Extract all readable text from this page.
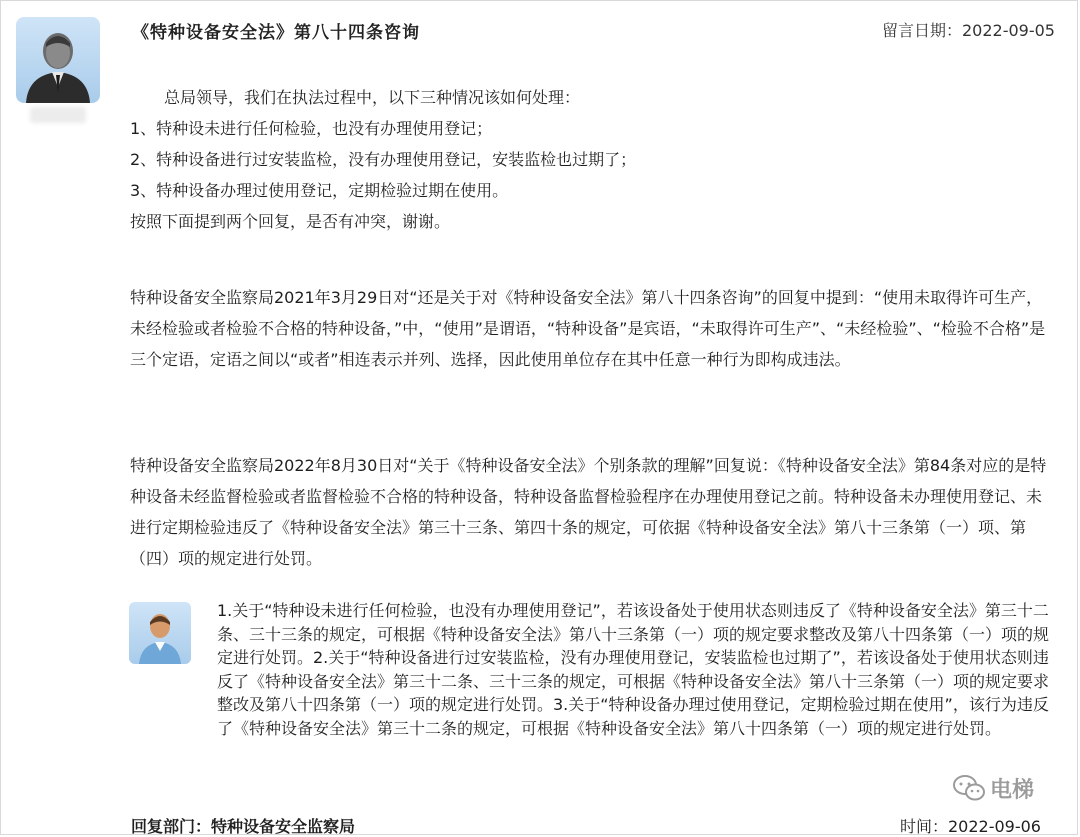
《特种设备安全法》第八十四条咨询	留言日期：2022-09-05
总局领导，我们在执法过程中，以下三种情况该如何处理：
1、特种设未进行任何检验，也没有办理使用登记；
2、特种设备进行过安装监检，没有办理使用登记，安装监检也过期了；
3、特种设备办理过使用登记，定期检验过期在使用。
按照下面提到两个回复，是否有冲突，谢谢。
特种设备安全监察局2021年3月29日对“还是关于对《特种设备安全法》第八十四条咨询”的回复中提到：“使用未取得许可生产，未经检验或者检验不合格的特种设备，”中，“使用”是谓语，“特种设备”是宾语，“未取得许可生产”、“未经检验”、“检验不合格”是三个定语，定语之间以“或者”相连表示并列、选择，因此使用单位存在其中任意一种行为即构成违法。
特种设备安全监察局2022年8月30日对“关于《特种设备安全法》个别条款的理解”回复说：《特种设备安全法》第84条对应的是特种设备未经监督检验或者监督检验不合格的特种设备，特种设备监督检验程序在办理使用登记之前。特种设备未办理使用登记、未进行定期检验违反了《特种设备安全法》第三十三条、第四十条的规定，可依据《特种设备安全法》第八十三条第（一）项、第（四）项的规定进行处罚。
1.关于“特种设未进行任何检验，也没有办理使用登记”，若该设备处于使用状态则违反了《特种设备安全法》第三十二条、三十三条的规定，可根据《特种设备安全法》第八十三条第（一）项的规定要求整改及第八十四条第（一）项的规定进行处罚。2.关于“特种设备进行过安装监检，没有办理使用登记，安装监检也过期了”，若该设备处于使用状态则违反了《特种设备安全法》第三十二条、三十三条的规定，可根据《特种设备安全法》第八十三条第（一）项的规定要求整改及第八十四条第（一）项的规定进行处罚。3.关于“特种设备办理过使用登记，定期检验过期在使用”，该行为违反了《特种设备安全法》第三十二条的规定，可根据《特种设备安全法》第八十四条第（一）项的规定进行处罚。
电梯
回复部门：特种设备安全监察局	时间：2022-09-06
